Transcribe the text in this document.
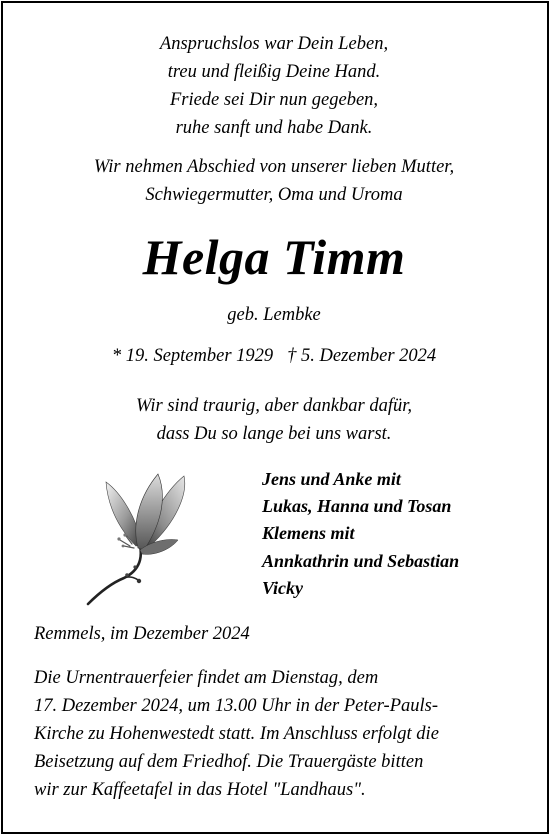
Anspruchslos war Dein Leben,
treu und fleißig Deine Hand.
Friede sei Dir nun gegeben,
ruhe sanft und habe Dank.
Wir nehmen Abschied von unserer lieben Mutter,
Schwiegermutter, Oma und Uroma
Helga Timm
geb. Lembke
* 19. September 1929 † 5. Dezember 2024
Wir sind traurig, aber dankbar dafür,
dass Du so lange bei uns warst.
Jens und Anke mit
Lukas, Hanna und Tosan
Klemens mit
Annkathrin und Sebastian
Vicky
Remmels, im Dezember 2024
Die Urnentrauerfeier findet am Dienstag, dem
17. Dezember 2024, um 13.00 Uhr in der Peter-Pauls-
Kirche zu Hohenwestedt statt. Im Anschluss erfolgt die
Beisetzung auf dem Friedhof. Die Trauergäste bitten
wir zur Kaffeetafel in das Hotel "Landhaus".
